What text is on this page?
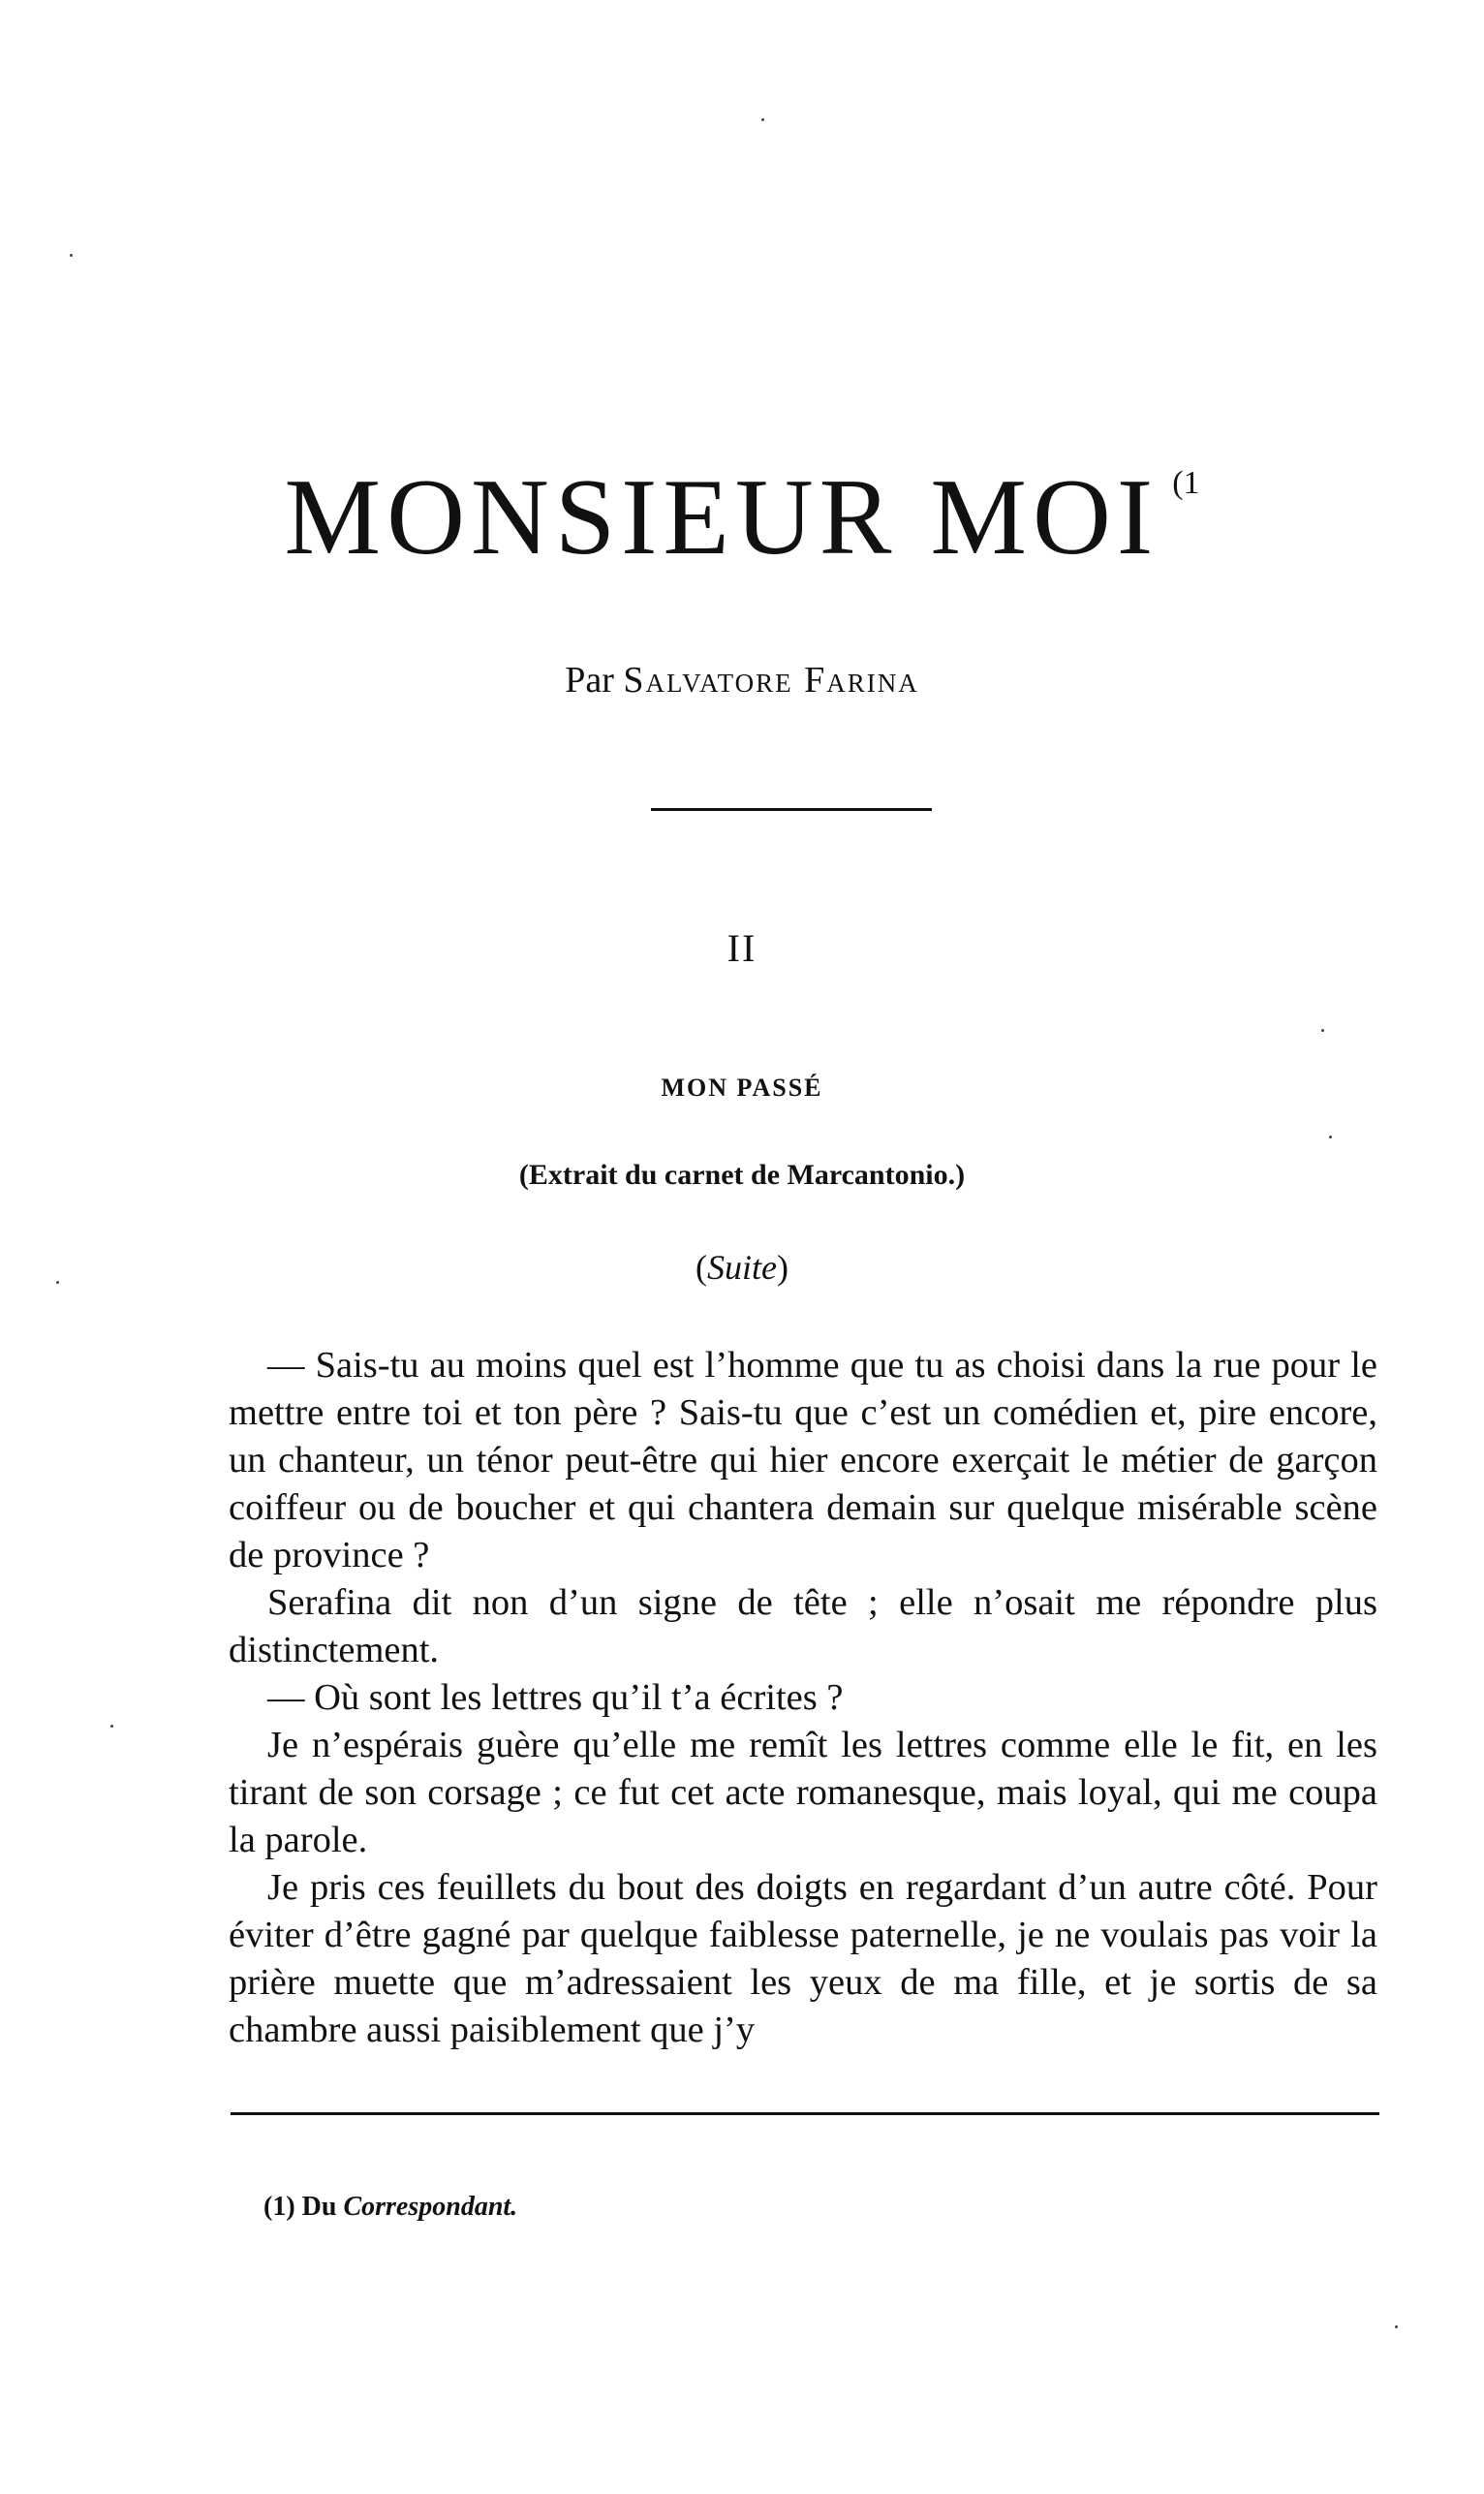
MONSIEUR MOI $^{(1}$
Par Salvatore Farina
II
MON PASSÉ
(Extrait du carnet de Marcantonio.)
(Suite)

— Sais-tu au moins quel est l’homme que tu as choisi dans la rue pour le mettre entre toi et ton père ? Sais-tu que c’est un comédien et, pire encore, un chanteur, un ténor peut-être qui hier encore exerçait le métier de garçon coiffeur ou de boucher et qui chantera demain sur quelque misérable scène de province ?

Serafina dit non d’un signe de tête ; elle n’osait me répondre plus distinctement.

— Où sont les lettres qu’il t’a écrites ?

Je n’espérais guère qu’elle me remît les lettres comme elle le fit, en les tirant de son corsage ; ce fut cet acte romanesque, mais loyal, qui me coupa la parole.

Je pris ces feuillets du bout des doigts en regardant d’un autre côté. Pour éviter d’être gagné par quelque faiblesse paternelle, je ne voulais pas voir la prière muette que m’adressaient les yeux de ma fille, et je sortis de sa chambre aussi paisiblement que j’y

(1) Du Correspondant.
